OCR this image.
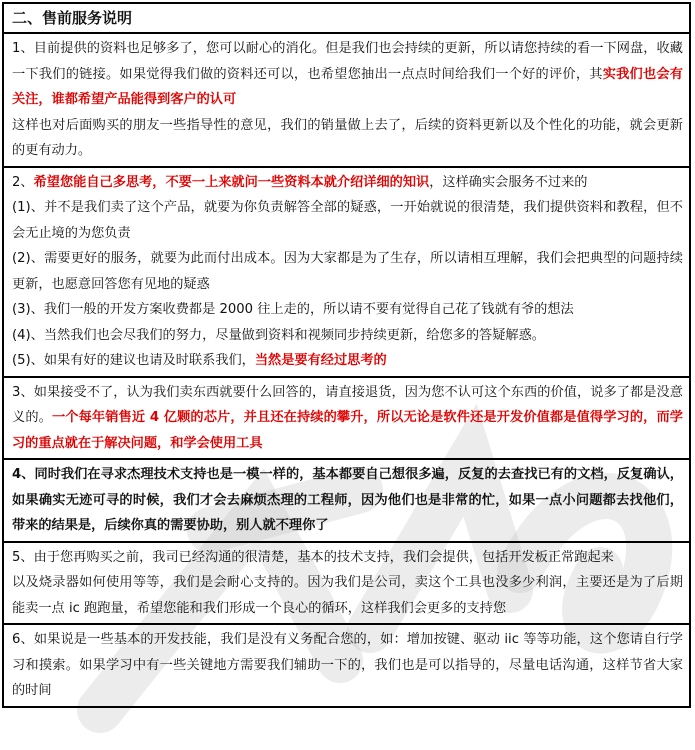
二、售前服务说明

1、目前提供的资料也足够多了，您可以耐心的消化。但是我们也会持续的更新，所以请您持续的看一下网盘，收藏一下我们的链接。如果觉得我们做的资料还可以，也希望您抽出一点点时间给我们一个好的评价，其实我们也会有关注，谁都希望产品能得到客户的认可

这样也对后面购买的朋友一些指导性的意见，我们的销量做上去了，后续的资料更新以及个性化的功能，就会更新的更有动力。

2、希望您能自己多思考，不要一上来就问一些资料本就介绍详细的知识，这样确实会服务不过来的

(1)、并不是我们卖了这个产品，就要为你负责解答全部的疑惑，一开始就说的很清楚，我们提供资料和教程，但不会无止境的为您负责

(2)、需要更好的服务，就要为此而付出成本。因为大家都是为了生存，所以请相互理解，我们会把典型的问题持续更新，也愿意回答您有见地的疑惑

(3)、我们一般的开发方案收费都是 2000 往上走的，所以请不要有觉得自己花了钱就有爷的想法

(4)、当然我们也会尽我们的努力，尽量做到资料和视频同步持续更新，给您多的答疑解惑。

(5)、如果有好的建议也请及时联系我们，当然是要有经过思考的

3、如果接受不了，认为我们卖东西就要什么回答的，请直接退货，因为您不认可这个东西的价值，说多了都是没意义的。一个每年销售近 4 亿颗的芯片，并且还在持续的攀升，所以无论是软件还是开发价值都是值得学习的，而学习的重点就在于解决问题，和学会使用工具

4、同时我们在寻求杰理技术支持也是一模一样的，基本都要自己想很多遍，反复的去查找已有的文档，反复确认，如果确实无迹可寻的时候，我们才会去麻烦杰理的工程师，因为他们也是非常的忙，如果一点小问题都去找他们，带来的结果是，后续你真的需要协助，别人就不理你了

5、由于您再购买之前，我司已经沟通的很清楚，基本的技术支持，我们会提供，包括开发板正常跑起来

以及烧录器如何使用等等，我们是会耐心支持的。因为我们是公司，卖这个工具也没多少利润，主要还是为了后期能卖一点 ic 跑跑量，希望您能和我们形成一个良心的循环，这样我们会更多的支持您

6、如果说是一些基本的开发技能，我们是没有义务配合您的，如：增加按键、驱动 iic 等等功能，这个您请自行学习和摸索。如果学习中有一些关键地方需要我们辅助一下的，我们也是可以指导的，尽量电话沟通，这样节省大家的时间
